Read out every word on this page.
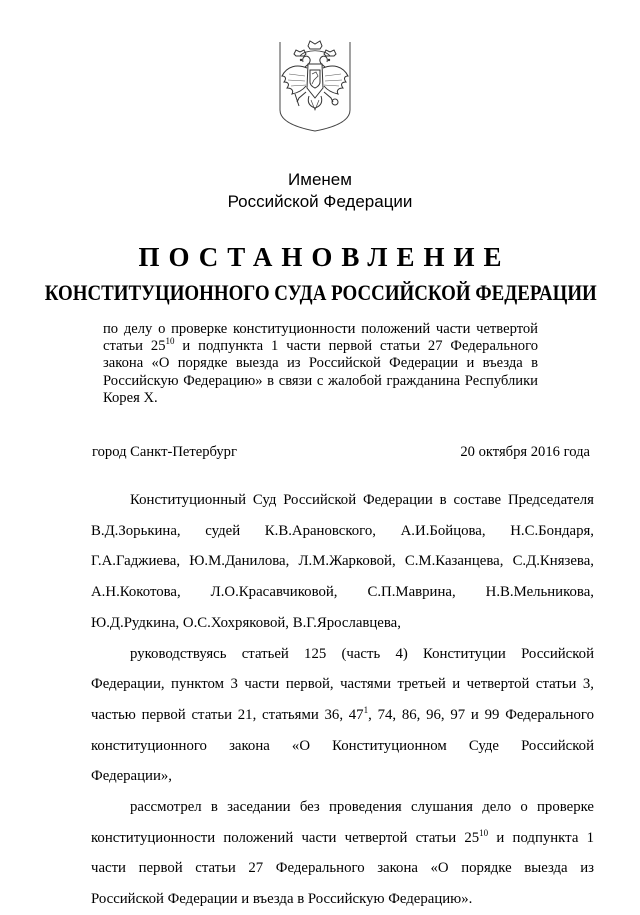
Именем
Российской Федерации
ПОСТАНОВЛЕНИЕ
КОНСТИТУЦИОННОГО СУДА РОССИЙСКОЙ ФЕДЕРАЦИИ
по делу о проверке конституционности положений части четвертой
статьи $25^{10}$ и подпункта 1 части первой статьи 27 Федерального
закона «О порядке выезда из Российской Федерации и въезда в
Российскую Федерацию» в связи с жалобой гражданина Республики
Корея Х.
город Санкт-Петербург	20 октября 2016 года
Конституционный Суд Российской Федерации в составе Председателя
В.Д.Зорькина, судей К.В.Арановского, А.И.Бойцова, Н.С.Бондаря,
Г.А.Гаджиева, Ю.М.Данилова, Л.М.Жарковой, С.М.Казанцева, С.Д.Князева,
А.Н.Кокотова, Л.О.Красавчиковой, С.П.Маврина, Н.В.Мельникова,
Ю.Д.Рудкина, О.С.Хохряковой, В.Г.Ярославцева,
руководствуясь статьей 125 (часть 4) Конституции Российской
Федерации, пунктом 3 части первой, частями третьей и четвертой статьи 3,
частью первой статьи 21, статьями 36, $47^1$, 74, 86, 96, 97 и 99 Федерального
конституционного закона «О Конституционном Суде Российской
Федерации»,
рассмотрел в заседании без проведения слушания дело о проверке
конституционности положений части четвертой статьи $25^{10}$ и подпункта 1
части первой статьи 27 Федерального закона «О порядке выезда из
Российской Федерации и въезда в Российскую Федерацию».
